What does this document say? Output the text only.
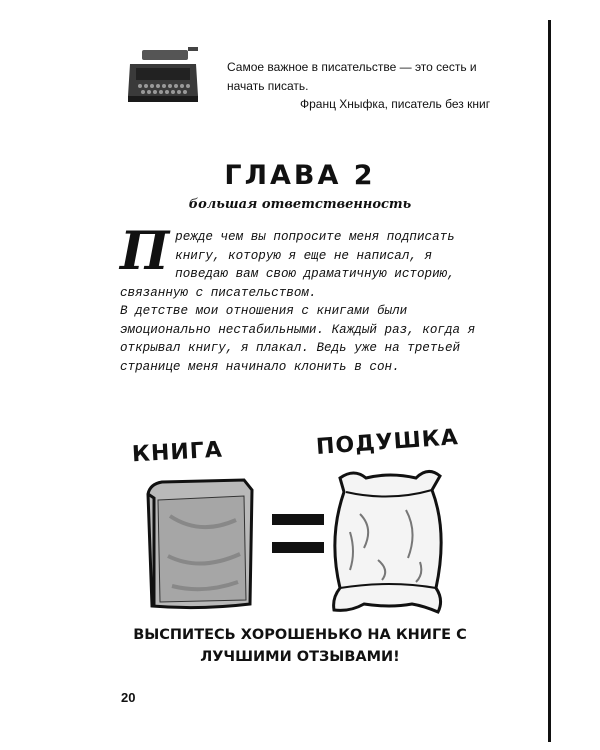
Самое важное в писательстве — это сесть и начать писать.
Франц Хныфка, писатель без книг
ГЛАВА 2
большая ответственность
Прежде чем вы попросите меня подписать книгу, которую я еще не написал, я поведаю вам свою драматичную историю, связанную с писательством.
В детстве мои отношения с книгами были эмоционально нестабильными. Каждый раз, когда я открывал книгу, я плакал. Ведь уже на третьей странице меня начинало клонить в сон.
КНИГА	ПОДУШКА
ВЫСПИТЕСЬ ХОРОШЕНЬКО НА КНИГЕ С ЛУЧШИМИ ОТЗЫВАМИ!
20
